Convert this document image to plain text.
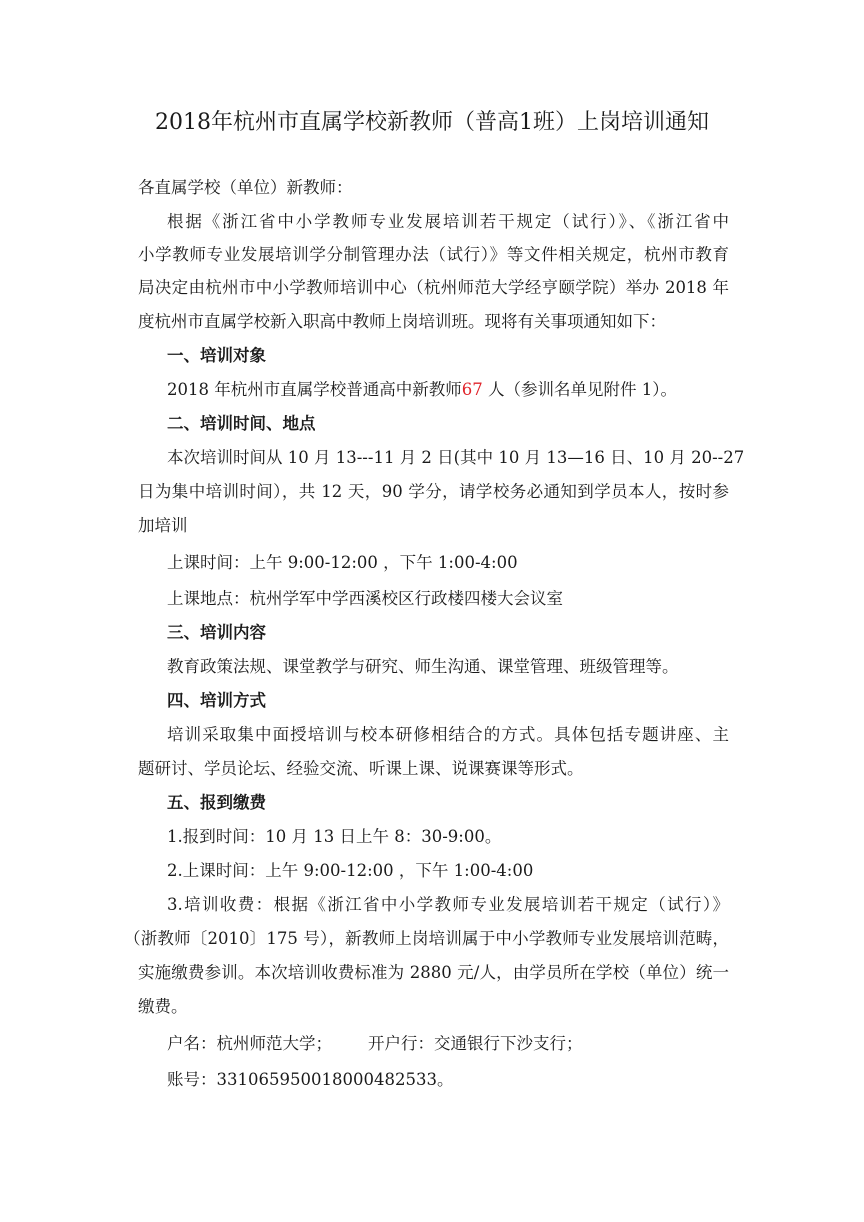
2018年杭州市直属学校新教师（普高1班）上岗培训通知

各直属学校（单位）新教师：

根据《浙江省中小学教师专业发展培训若干规定（试行）》、《浙江省中

小学教师专业发展培训学分制管理办法（试行）》等文件相关规定，杭州市教育

局决定由杭州市中小学教师培训中心（杭州师范大学经亨颐学院）举办 2018 年

度杭州市直属学校新入职高中教师上岗培训班。现将有关事项通知如下：

一、培训对象

2018 年杭州市直属学校普通高中新教师67 人（参训名单见附件 1）。

二、培训时间、地点

本次培训时间从 10 月 13---11 月 2 日(其中 10 月 13—16 日、10 月 20--27

日为集中培训时间），共 12 天，90 学分，请学校务必通知到学员本人，按时参

加培训

上课时间：上午 9:00-12:00 ，下午 1:00-4:00

上课地点：杭州学军中学西溪校区行政楼四楼大会议室

三、培训内容

教育政策法规、课堂教学与研究、师生沟通、课堂管理、班级管理等。

四、培训方式

培训采取集中面授培训与校本研修相结合的方式。具体包括专题讲座、主

题研讨、学员论坛、经验交流、听课上课、说课赛课等形式。

五、报到缴费

1.报到时间：10 月 13 日上午 8：30-9:00。

2.上课时间：上午 9:00-12:00 ，下午 1:00-4:00

3.培训收费：根据《浙江省中小学教师专业发展培训若干规定（试行）》

（浙教师〔2010〕175 号），新教师上岗培训属于中小学教师专业发展培训范畴，

实施缴费参训。本次培训收费标准为 2880 元/人，由学员所在学校（单位）统一

缴费。

户名：杭州师范大学； 开户行：交通银行下沙支行；

账号：331065950018000482533。
